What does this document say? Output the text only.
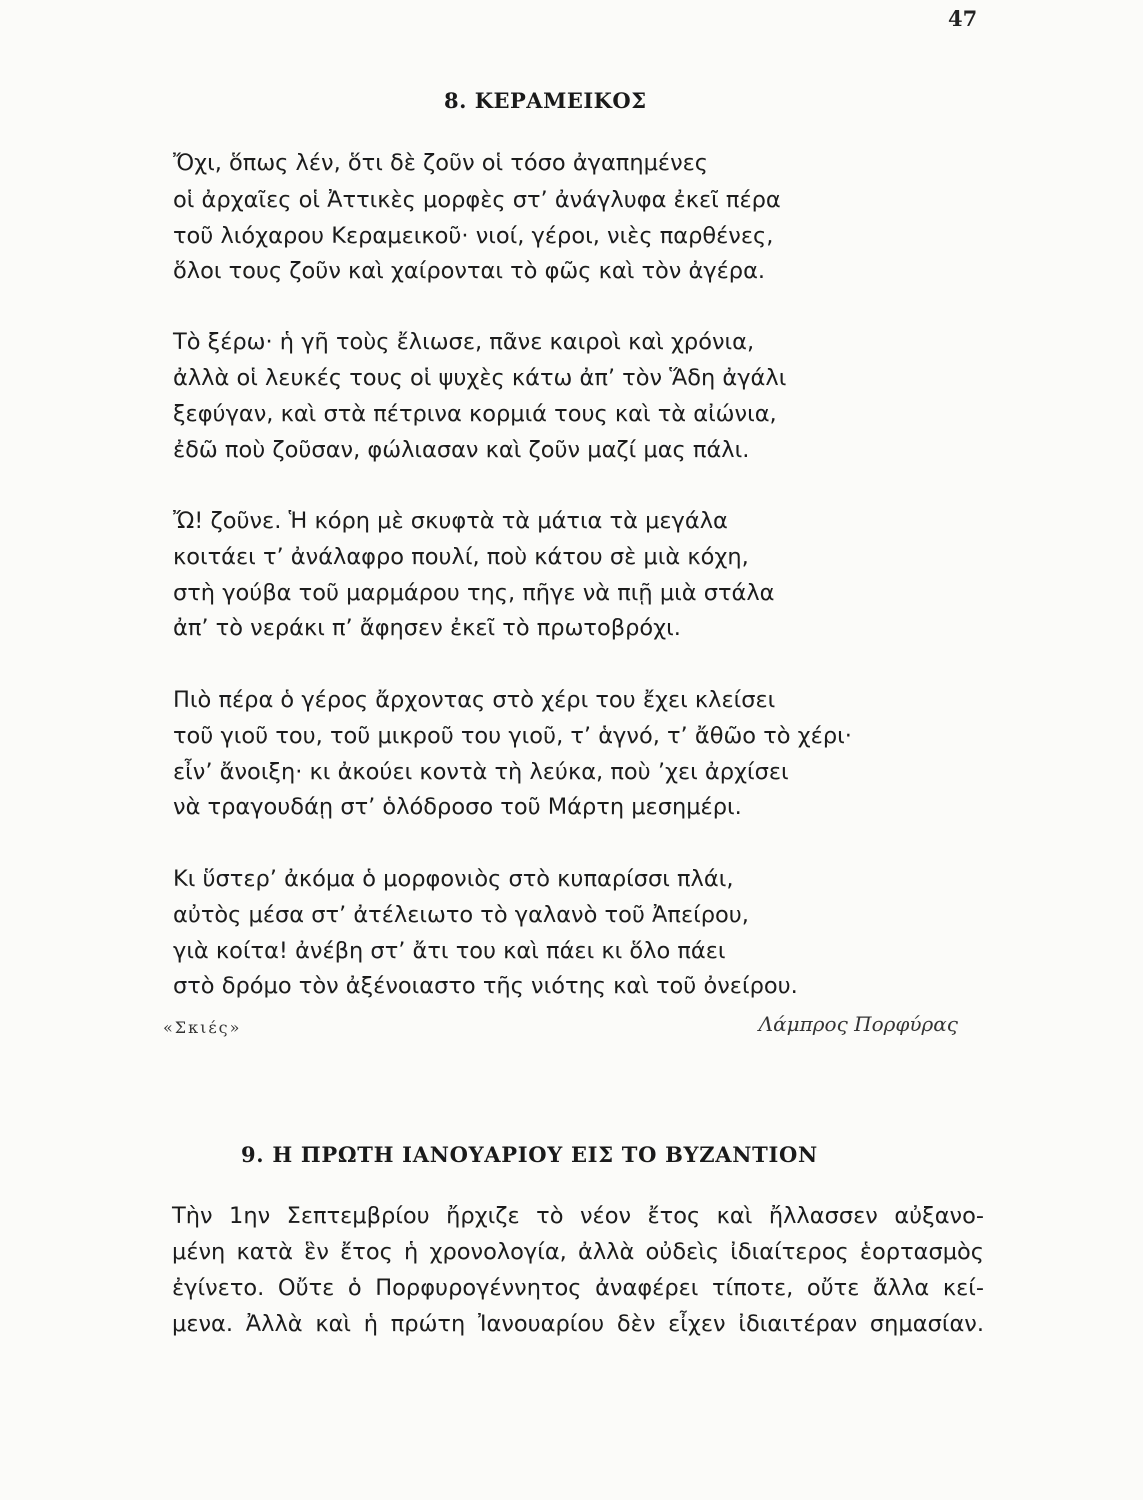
47
8. ΚΕΡΑΜΕΙΚΟΣ
Ὄχι, ὅπως λέν, ὅτι δὲ ζοῦν οἱ τόσο ἀγαπημένες
οἱ ἀρχαῖες οἱ Ἀττικὲς μορφὲς στ’ ἀνάγλυφα ἐκεῖ πέρα
τοῦ λιόχαρου Κεραμεικοῦ· νιοί, γέροι, νιὲς παρθένες,
ὅλοι τους ζοῦν καὶ χαίρονται τὸ φῶς καὶ τὸν ἀγέρα.
Τὸ ξέρω· ἡ γῆ τοὺς ἔλιωσε, πᾶνε καιροὶ καὶ χρόνια,
ἀλλὰ οἱ λευκές τους οἱ ψυχὲς κάτω ἀπ’ τὸν Ἅδη ἀγάλι
ξεφύγαν, καὶ στὰ πέτρινα κορμιά τους καὶ τὰ αἰώνια,
ἐδῶ ποὺ ζοῦσαν, φώλιασαν καὶ ζοῦν μαζί μας πάλι.
Ὤ! ζοῦνε. Ἡ κόρη μὲ σκυφτὰ τὰ μάτια τὰ μεγάλα
κοιτάει τ’ ἀνάλαφρο πουλί, ποὺ κάτου σὲ μιὰ κόχη,
στὴ γούβα τοῦ μαρμάρου της, πῆγε νὰ πιῇ μιὰ στάλα
ἀπ’ τὸ νεράκι π’ ἄφησεν ἐκεῖ τὸ πρωτοβρόχι.
Πιὸ πέρα ὁ γέρος ἄρχοντας στὸ χέρι του ἔχει κλείσει
τοῦ γιοῦ του, τοῦ μικροῦ του γιοῦ, τ’ ἁγνό, τ’ ἄθῶο τὸ χέρι·
εἶν’ ἄνοιξη· κι ἀκούει κοντὰ τὴ λεύκα, ποὺ ’χει ἀρχίσει
νὰ τραγουδάῃ στ’ ὁλόδροσο τοῦ Μάρτη μεσημέρι.
Κι ὕστερ’ ἀκόμα ὁ μορφονιὸς στὸ κυπαρίσσι πλάι,
αὐτὸς μέσα στ’ ἀτέλειωτο τὸ γαλανὸ τοῦ Ἀπείρου,
γιὰ κοίτα! ἀνέβη στ’ ἄτι του καὶ πάει κι ὅλο πάει
στὸ δρόμο τὸν ἀξένοιαστο τῆς νιότης καὶ τοῦ ὀνείρου.
«Σκιές»	Λάμπρος Πορφύρας
9. Η ΠΡΩΤΗ ΙΑΝΟΥΑΡΙΟΥ ΕΙΣ ΤΟ ΒΥΖΑΝΤΙΟΝ
Τὴν 1ην Σεπτεμβρίου ἤρχιζε τὸ νέον ἔτος καὶ ἤλλασσεν αὐξανο-
μένη κατὰ ἓν ἔτος ἡ χρονολογία, ἀλλὰ οὐδεὶς ἰδιαίτερος ἑορτασμὸς
ἐγίνετο. Οὔτε ὁ Πορφυρογέννητος ἀναφέρει τίποτε, οὔτε ἄλλα κεί-
μενα. Ἀλλὰ καὶ ἡ πρώτη Ἰανουαρίου δὲν εἶχεν ἰδιαιτέραν σημασίαν.
